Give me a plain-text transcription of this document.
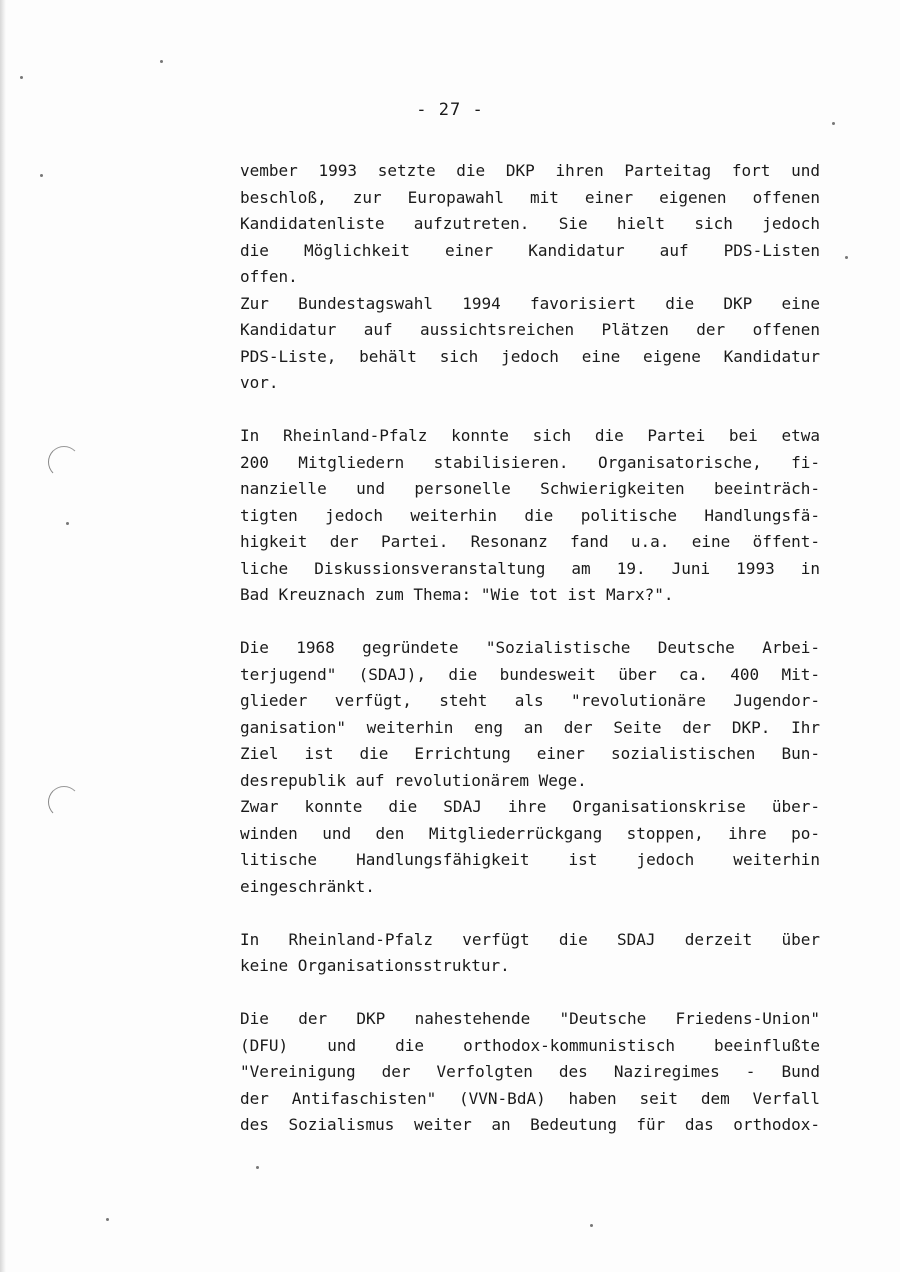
- 27 -
vember 1993 setzte die DKP ihren Parteitag fort und
beschloß, zur Europawahl mit einer eigenen offenen
Kandidatenliste aufzutreten. Sie hielt sich jedoch
die Möglichkeit einer Kandidatur auf PDS-Listen
offen.
Zur Bundestagswahl 1994 favorisiert die DKP eine
Kandidatur auf aussichtsreichen Plätzen der offenen
PDS-Liste, behält sich jedoch eine eigene Kandidatur
vor.
In Rheinland-Pfalz konnte sich die Partei bei etwa
200 Mitgliedern stabilisieren. Organisatorische, fi-
nanzielle und personelle Schwierigkeiten beeinträch-
tigten jedoch weiterhin die politische Handlungsfä-
higkeit der Partei. Resonanz fand u.a. eine öffent-
liche Diskussionsveranstaltung am 19. Juni 1993 in
Bad Kreuznach zum Thema: "Wie tot ist Marx?".
Die 1968 gegründete "Sozialistische Deutsche Arbei-
terjugend" (SDAJ), die bundesweit über ca. 400 Mit-
glieder verfügt, steht als "revolutionäre Jugendor-
ganisation" weiterhin eng an der Seite der DKP. Ihr
Ziel ist die Errichtung einer sozialistischen Bun-
desrepublik auf revolutionärem Wege.
Zwar konnte die SDAJ ihre Organisationskrise über-
winden und den Mitgliederrückgang stoppen, ihre po-
litische Handlungsfähigkeit ist jedoch weiterhin
eingeschränkt.
In Rheinland-Pfalz verfügt die SDAJ derzeit über
keine Organisationsstruktur.
Die der DKP nahestehende "Deutsche Friedens-Union"
(DFU) und die orthodox-kommunistisch beeinflußte
"Vereinigung der Verfolgten des Naziregimes - Bund
der Antifaschisten" (VVN-BdA) haben seit dem Verfall
des Sozialismus weiter an Bedeutung für das orthodox-
